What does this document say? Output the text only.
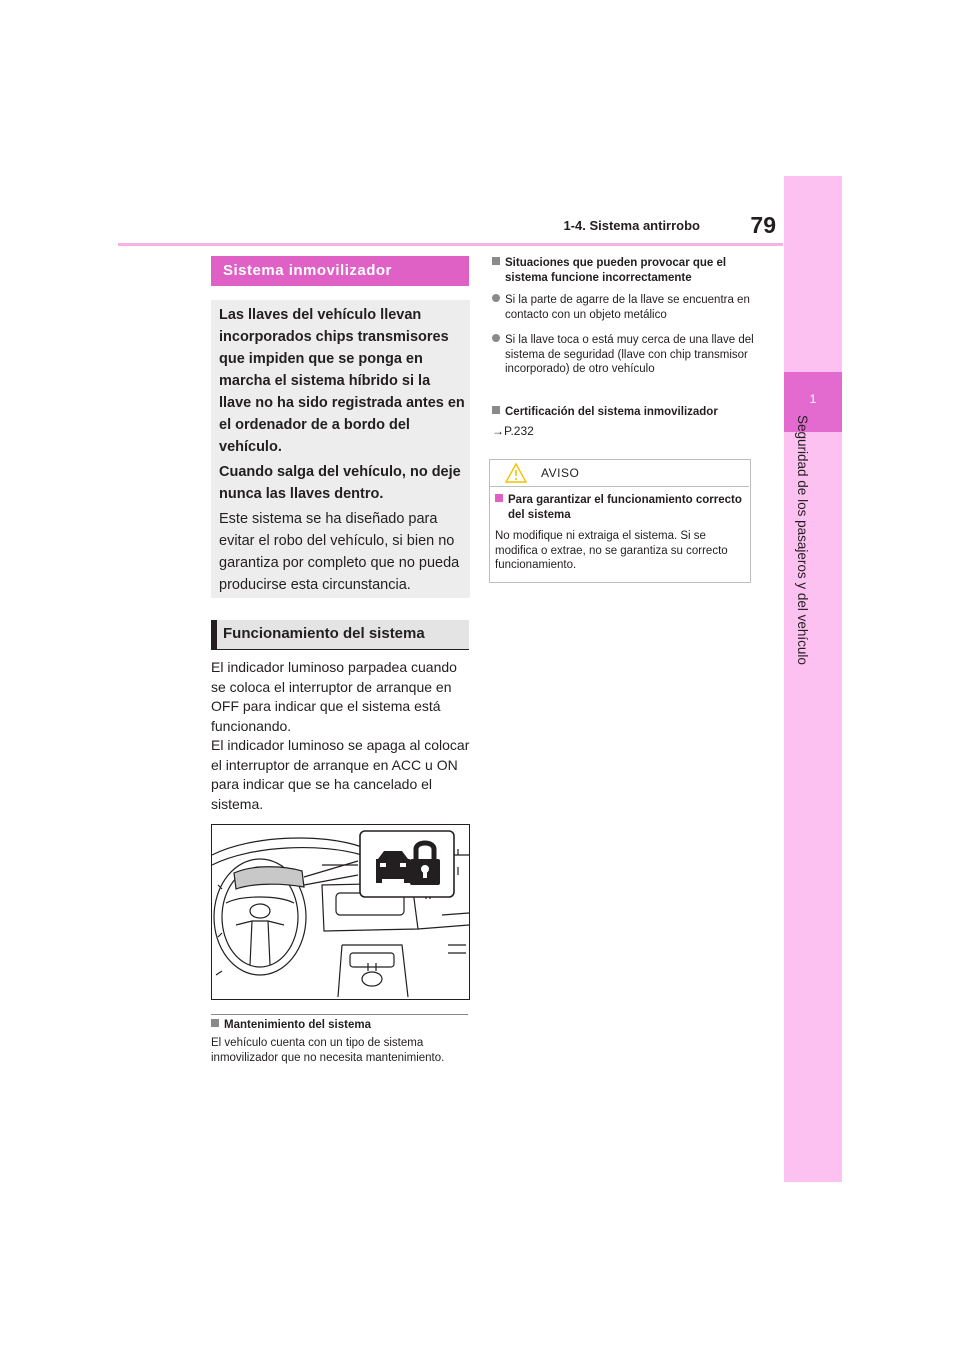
1-4. Sistema antirrobo	79
1
Seguridad de los pasajeros y del vehículo
Sistema inmovilizador

Las llaves del vehículo llevan incorporados chips transmisores que impiden que se ponga en marcha el sistema híbrido si la llave no ha sido registrada antes en el ordenador de a bordo del vehículo.

Cuando salga del vehículo, no deje nunca las llaves dentro.

Este sistema se ha diseñado para evitar el robo del vehículo, si bien no garantiza por completo que no pueda producirse esta circunstancia.

Funcionamiento del sistema
El indicador luminoso parpadea cuando se coloca el interruptor de arranque en OFF para indicar que el sistema está funcionando.
El indicador luminoso se apaga al colocar el interruptor de arranque en ACC u ON para indicar que se ha cancelado el sistema.
Mantenimiento del sistema
El vehículo cuenta con un tipo de sistema inmovilizador que no necesita mantenimiento.
Situaciones que pueden provocar que el sistema funcione incorrectamente
Si la parte de agarre de la llave se encuentra en contacto con un objeto metálico
Si la llave toca o está muy cerca de una llave del sistema de seguridad (llave con chip transmisor incorporado) de otro vehículo
Certificación del sistema inmovilizador
→P.232
AVISO
Para garantizar el funcionamiento correcto del sistema
No modifique ni extraiga el sistema. Si se modifica o extrae, no se garantiza su correcto funcionamiento.
